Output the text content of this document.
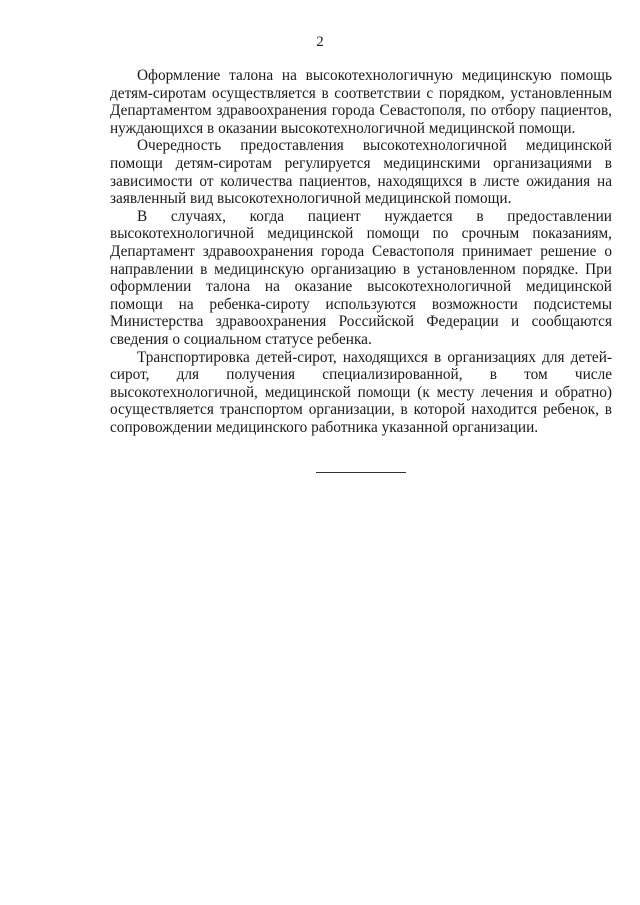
2

Оформление талона на высокотехнологичную медицинскую помощь детям-сиротам осуществляется в соответствии с порядком, установленным Департаментом здравоохранения города Севастополя, по отбору пациентов, нуждающихся в оказании высокотехнологичной медицинской помощи.

Очередность предоставления высокотехнологичной медицинской помощи детям-сиротам регулируется медицинскими организациями в зависимости от количества пациентов, находящихся в листе ожидания на заявленный вид высокотехнологичной медицинской помощи.

В случаях, когда пациент нуждается в предоставлении высокотехнологичной медицинской помощи по срочным показаниям, Департамент здравоохранения города Севастополя принимает решение о направлении в медицинскую организацию в установленном порядке. При оформлении талона на оказание высокотехнологичной медицинской помощи на ребенка-сироту используются возможности подсистемы Министерства здравоохранения Российской Федерации и сообщаются сведения о социальном статусе ребенка.

Транспортировка детей-сирот, находящихся в организациях для детей-сирот, для получения специализированной, в том числе высокотехнологичной, медицинской помощи (к месту лечения и обратно) осуществляется транспортом организации, в которой находится ребенок, в сопровождении медицинского работника указанной организации.
